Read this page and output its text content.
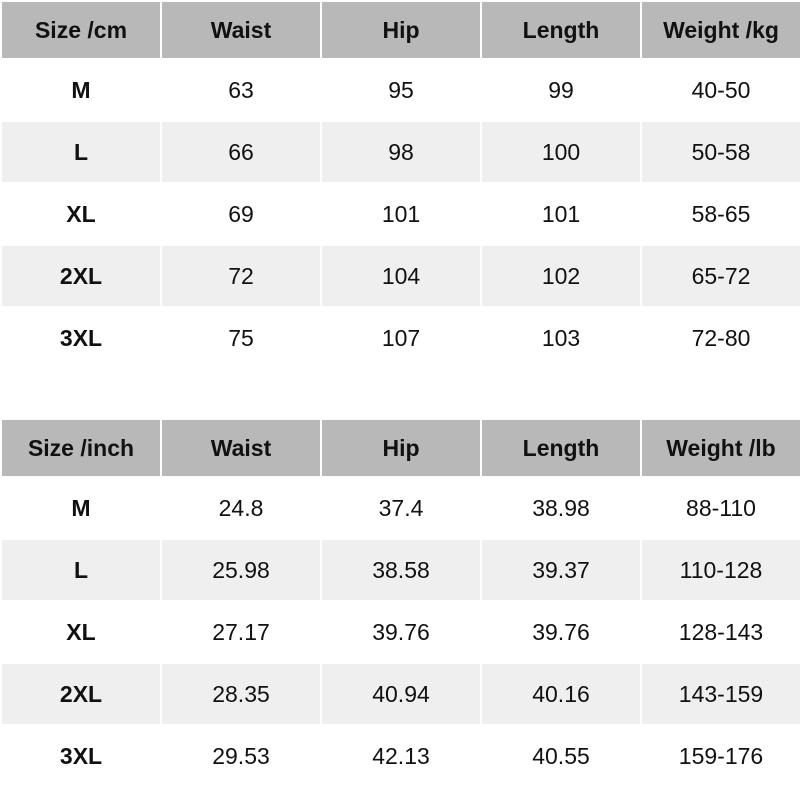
Size /cm	Waist	Hip	Length	Weight /kg
M	63	95	99	40-50
L	66	98	100	50-58
XL	69	101	101	58-65
2XL	72	104	102	65-72
3XL	75	107	103	72-80
Size /inch	Waist	Hip	Length	Weight /lb
M	24.8	37.4	38.98	88-110
L	25.98	38.58	39.37	110-128
XL	27.17	39.76	39.76	128-143
2XL	28.35	40.94	40.16	143-159
3XL	29.53	42.13	40.55	159-176
